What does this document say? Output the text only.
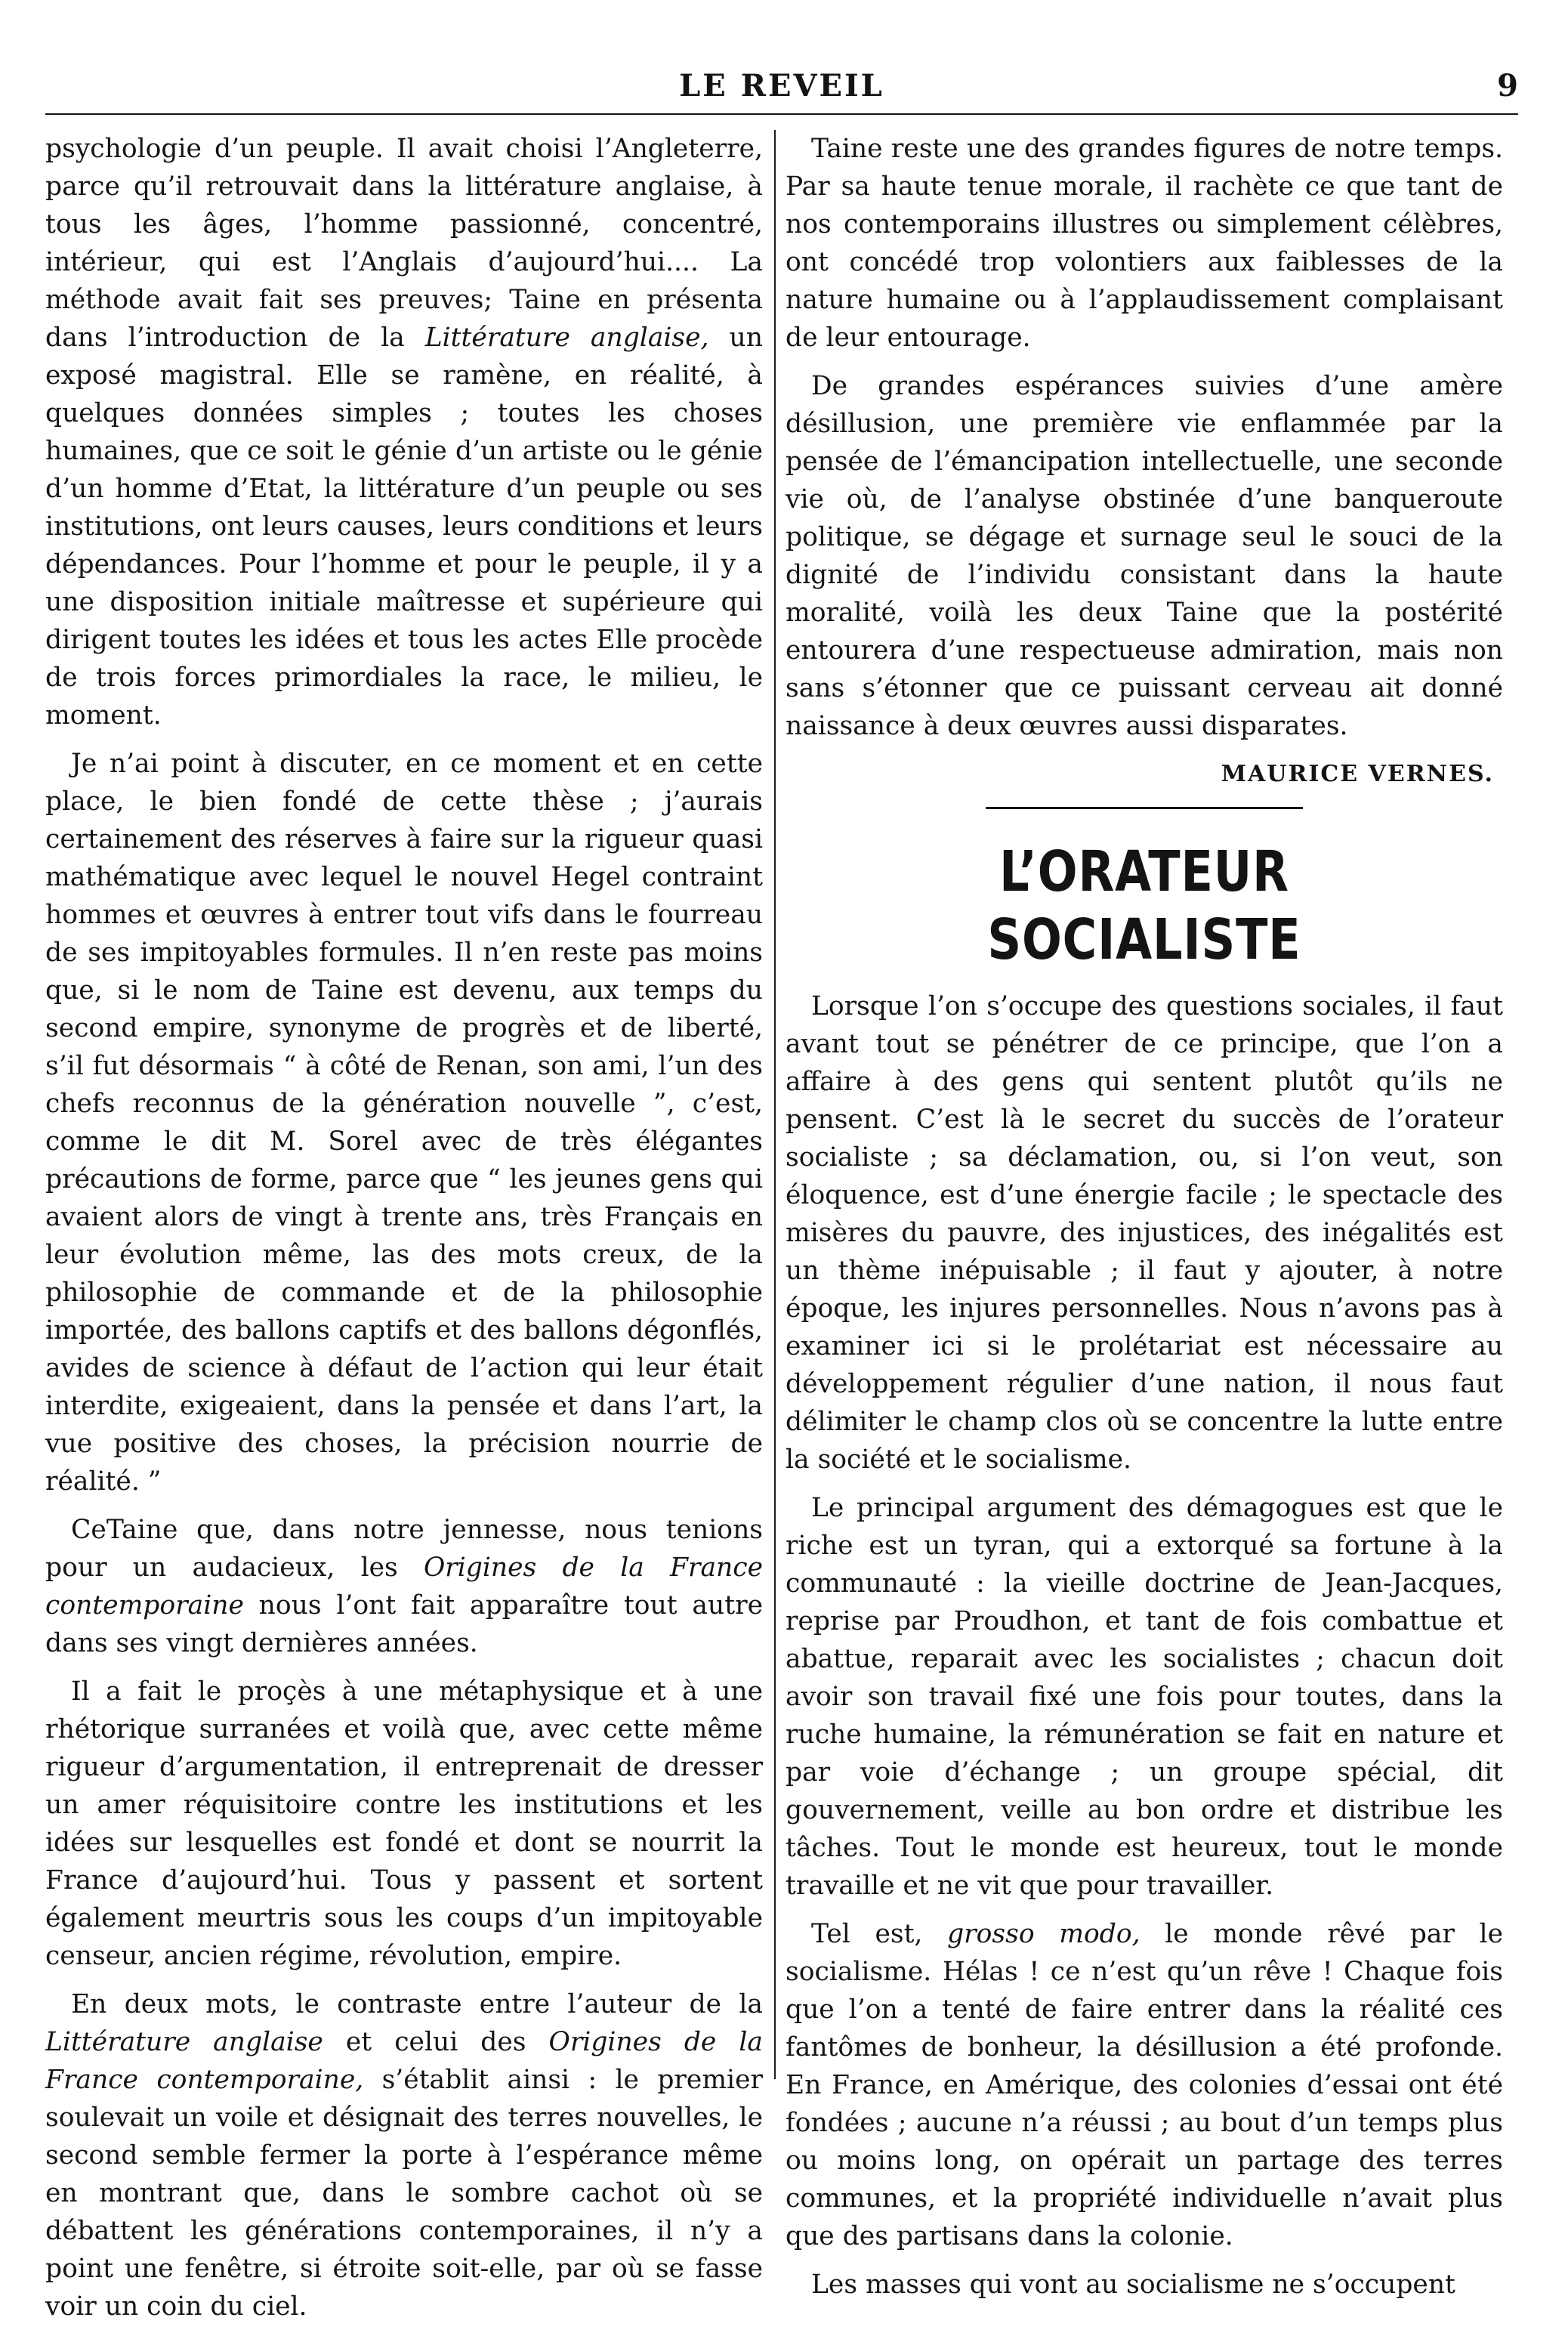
LE REVEIL	9

psychologie d’un peuple. Il avait choisi l’Angleterre, parce qu’il retrouvait dans la littérature anglaise, à tous les âges, l’homme passionné, concentré, intérieur, qui est l’Anglais d’aujourd’hui.... La méthode avait fait ses preuves; Taine en présenta dans l’introduction de la Littérature anglaise, un exposé magistral. Elle se ramène, en réalité, à quelques données simples ; toutes les choses humaines, que ce soit le génie d’un artiste ou le génie d’un homme d’Etat, la littérature d’un peuple ou ses institutions, ont leurs causes, leurs conditions et leurs dépendances. Pour l’homme et pour le peuple, il y a une disposition initiale maîtresse et supérieure qui dirigent toutes les idées et tous les actes Elle procède de trois forces primordiales la race, le milieu, le moment.

Je n’ai point à discuter, en ce moment et en cette place, le bien fondé de cette thèse ; j’aurais certainement des réserves à faire sur la rigueur quasi mathématique avec lequel le nouvel Hegel contraint hommes et œuvres à entrer tout vifs dans le fourreau de ses impitoyables formules. Il n’en reste pas moins que, si le nom de Taine est devenu, aux temps du second empire, synonyme de progrès et de liberté, s’il fut désormais “ à côté de Renan, son ami, l’un des chefs reconnus de la génération nouvelle ”, c’est, comme le dit M. Sorel avec de très élégantes précautions de forme, parce que “ les jeunes gens qui avaient alors de vingt à trente ans, très Français en leur évolution même, las des mots creux, de la philosophie de commande et de la philosophie importée, des ballons captifs et des ballons dégonflés, avides de science à défaut de l’action qui leur était interdite, exigeaient, dans la pensée et dans l’art, la vue positive des choses, la précision nourrie de réalité. ”

CeTaine que, dans notre jennesse, nous tenions pour un audacieux, les Origines de la France contemporaine nous l’ont fait apparaître tout autre dans ses vingt dernières années.

Il a fait le proçès à une métaphysique et à une rhétorique surranées et voilà que, avec cette même rigueur d’argumentation, il entreprenait de dresser un amer réquisitoire contre les institutions et les idées sur lesquelles est fondé et dont se nourrit la France d’aujourd’hui. Tous y passent et sortent également meurtris sous les coups d’un impitoyable censeur, ancien régime, révolution, empire.

En deux mots, le contraste entre l’auteur de la Littérature anglaise et celui des Origines de la France contemporaine, s’établit ainsi : le premier soulevait un voile et désignait des terres nouvelles, le second semble fermer la porte à l’espérance même en montrant que, dans le sombre cachot où se débattent les générations contemporaines, il n’y a point une fenêtre, si étroite soit-elle, par où se fasse voir un coin du ciel.

Taine reste une des grandes figures de notre temps. Par sa haute tenue morale, il rachète ce que tant de nos contemporains illustres ou simplement célèbres, ont concédé trop volontiers aux faiblesses de la nature humaine ou à l’applaudissement complaisant de leur entourage.

De grandes espérances suivies d’une amère désillusion, une première vie enflammée par la pensée de l’émancipation intellectuelle, une seconde vie où, de l’analyse obstinée d’une banqueroute politique, se dégage et surnage seul le souci de la dignité de l’individu consistant dans la haute moralité, voilà les deux Taine que la postérité entourera d’une respectueuse admiration, mais non sans s’étonner que ce puissant cerveau ait donné naissance à deux œuvres aussi disparates.

MAURICE VERNES.
L’ORATEUR SOCIALISTE

Lorsque l’on s’occupe des questions sociales, il faut avant tout se pénétrer de ce principe, que l’on a affaire à des gens qui sentent plutôt qu’ils ne pensent. C’est là le secret du succès de l’orateur socialiste ; sa déclamation, ou, si l’on veut, son éloquence, est d’une énergie facile ; le spectacle des misères du pauvre, des injustices, des inégalités est un thème inépuisable ; il faut y ajouter, à notre époque, les injures personnelles. Nous n’avons pas à examiner ici si le prolétariat est nécessaire au développement régulier d’une nation, il nous faut délimiter le champ clos où se concentre la lutte entre la société et le socialisme.

Le principal argument des démagogues est que le riche est un tyran, qui a extorqué sa fortune à la communauté : la vieille doctrine de Jean-Jacques, reprise par Proudhon, et tant de fois combattue et abattue, reparait avec les socialistes ; chacun doit avoir son travail fixé une fois pour toutes, dans la ruche humaine, la rémunération se fait en nature et par voie d’échange ; un groupe spécial, dit gouvernement, veille au bon ordre et distribue les tâches. Tout le monde est heureux, tout le monde travaille et ne vit que pour travailler.

Tel est, grosso modo, le monde rêvé par le socialisme. Hélas ! ce n’est qu’un rêve ! Chaque fois que l’on a tenté de faire entrer dans la réalité ces fantômes de bonheur, la désillusion a été profonde. En France, en Amérique, des colonies d’essai ont été fondées ; aucune n’a réussi ; au bout d’un temps plus ou moins long, on opérait un partage des terres communes, et la propriété individuelle n’avait plus que des partisans dans la colonie.

Les masses qui vont au socialisme ne s’occupent
